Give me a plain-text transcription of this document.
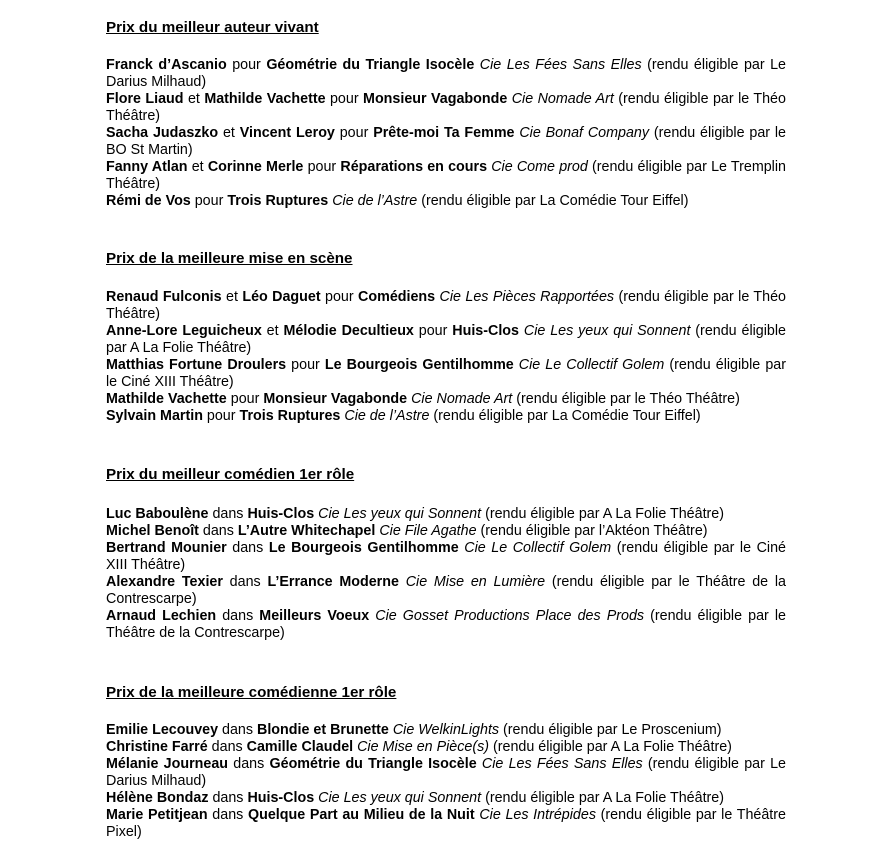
Prix du meilleur auteur vivant

Franck d’Ascanio pour Géométrie du Triangle Isocèle Cie Les Fées Sans Elles (rendu éligible par Le Darius Milhaud)

Flore Liaud et Mathilde Vachette pour Monsieur Vagabonde Cie Nomade Art (rendu éligible par le Théo Théâtre)

Sacha Judaszko et Vincent Leroy pour Prête-moi Ta Femme Cie Bonaf Company (rendu éligible par le BO St Martin)

Fanny Atlan et Corinne Merle pour Réparations en cours Cie Come prod (rendu éligible par Le Tremplin Théâtre)

Rémi de Vos pour Trois Ruptures Cie de l’Astre (rendu éligible par La Comédie Tour Eiffel)

Prix de la meilleure mise en scène

Renaud Fulconis et Léo Daguet pour Comédiens Cie Les Pièces Rapportées (rendu éligible par le Théo Théâtre)

Anne-Lore Leguicheux et Mélodie Decultieux pour Huis-Clos Cie Les yeux qui Sonnent (rendu éligible par A La Folie Théâtre)

Matthias Fortune Droulers pour Le Bourgeois Gentilhomme Cie Le Collectif Golem (rendu éligible par le Ciné XIII Théâtre)

Mathilde Vachette pour Monsieur Vagabonde Cie Nomade Art (rendu éligible par le Théo Théâtre)

Sylvain Martin pour Trois Ruptures Cie de l’Astre (rendu éligible par La Comédie Tour Eiffel)

Prix du meilleur comédien 1er rôle

Luc Baboulène dans Huis-Clos Cie Les yeux qui Sonnent (rendu éligible par A La Folie Théâtre)

Michel Benoît dans L’Autre Whitechapel Cie File Agathe (rendu éligible par l’Aktéon Théâtre)

Bertrand Mounier dans Le Bourgeois Gentilhomme Cie Le Collectif Golem (rendu éligible par le Ciné XIII Théâtre)

Alexandre Texier dans L’Errance Moderne Cie Mise en Lumière (rendu éligible par le Théâtre de la Contrescarpe)

Arnaud Lechien dans Meilleurs Voeux Cie Gosset Productions Place des Prods (rendu éligible par le Théâtre de la Contrescarpe)

Prix de la meilleure comédienne 1er rôle

Emilie Lecouvey dans Blondie et Brunette Cie WelkinLights (rendu éligible par Le Proscenium)

Christine Farré dans Camille Claudel Cie Mise en Pièce(s) (rendu éligible par A La Folie Théâtre)

Mélanie Journeau dans Géométrie du Triangle Isocèle Cie Les Fées Sans Elles (rendu éligible par Le Darius Milhaud)

Hélène Bondaz dans Huis-Clos Cie Les yeux qui Sonnent (rendu éligible par A La Folie Théâtre)

Marie Petitjean dans Quelque Part au Milieu de la Nuit Cie Les Intrépides (rendu éligible par le Théâtre Pixel)
